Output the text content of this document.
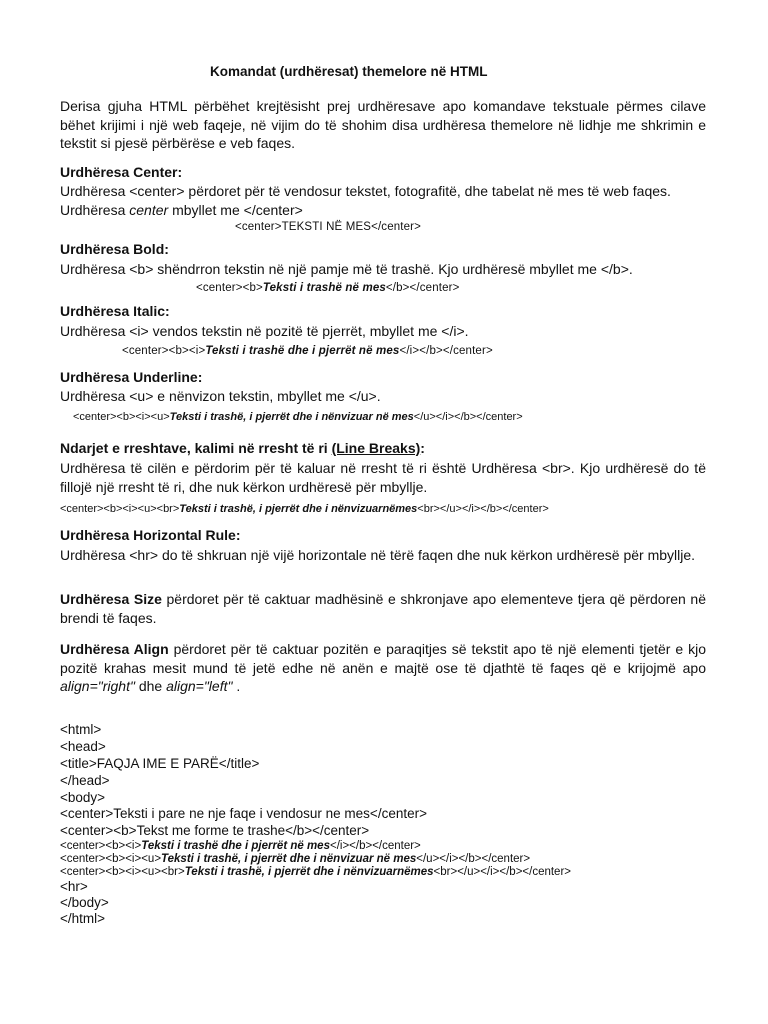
Komandat (urdhëresat) themelore në HTML
Derisa gjuha HTML përbëhet krejtësisht prej urdhëresave apo komandave tekstuale përmes cilave bëhet krijimi i një web faqeje, në vijim do të shohim disa urdhëresa themelore në lidhje me shkrimin e tekstit si pjesë përbërëse e veb faqes.
Urdhëresa Center:
Urdhëresa <center> përdoret për të vendosur tekstet, fotografitë, dhe tabelat në mes të web faqes. Urdhëresa center mbyllet me </center>
<center>TEKSTI NË MES</center>
Urdhëresa Bold:
Urdhëresa <b> shëndrron tekstin në një pamje më të trashë. Kjo urdhëresë mbyllet me </b>.
<center><b>Teksti i trashë në mes</b></center>
Urdhëresa Italic:
Urdhëresa <i> vendos tekstin në pozitë të pjerrët, mbyllet me </i>.
<center><b><i>Teksti i trashë dhe i pjerrët në mes</i></b></center>
Urdhëresa Underline:
Urdhëresa <u> e nënvizon tekstin, mbyllet me </u>.
<center><b><i><u>Teksti i trashë, i pjerrët dhe i nënvizuar në mes</u></i></b></center>
Ndarjet e rreshtave, kalimi në rresht të ri (Line Breaks):
Urdhëresa të cilën e përdorim për të kaluar në rresht të ri është Urdhëresa <br>. Kjo urdhëresë do të fillojë një rresht të ri, dhe nuk kërkon urdhëresë për mbyllje.
<center><b><i><u><br>Teksti i trashë, i pjerrët dhe i nënvizuarnëmes<br></u></i></b></center>
Urdhëresa Horizontal Rule:
Urdhëresa <hr> do të shkruan një vijë horizontale në tërë faqen dhe nuk kërkon urdhëresë për mbyllje.
Urdhëresa Size përdoret për të caktuar madhësinë e shkronjave apo elementeve tjera që përdoren në brendi të faqes.
Urdhëresa Align përdoret për të caktuar pozitën e paraqitjes së tekstit apo të një elementi tjetër e kjo pozitë krahas mesit mund të jetë edhe në anën e majtë ose të djathtë të faqes që e krijojmë apo align="right" dhe align="left" .
<html>
<head>
<title>FAQJA IME E PARË</title>
</head>
<body>
<center>Teksti i pare ne nje faqe i vendosur ne mes</center>
<center><b>Tekst me forme te trashe</b></center>
<center><b><i>Teksti i trashë dhe i pjerrët në mes</i></b></center>
<center><b><i><u>Teksti i trashë, i pjerrët dhe i nënvizuar në mes</u></i></b></center>
<center><b><i><u><br>Teksti i trashë, i pjerrët dhe i nënvizuarnëmes<br></u></i></b></center>
<hr>
</body>
</html>
